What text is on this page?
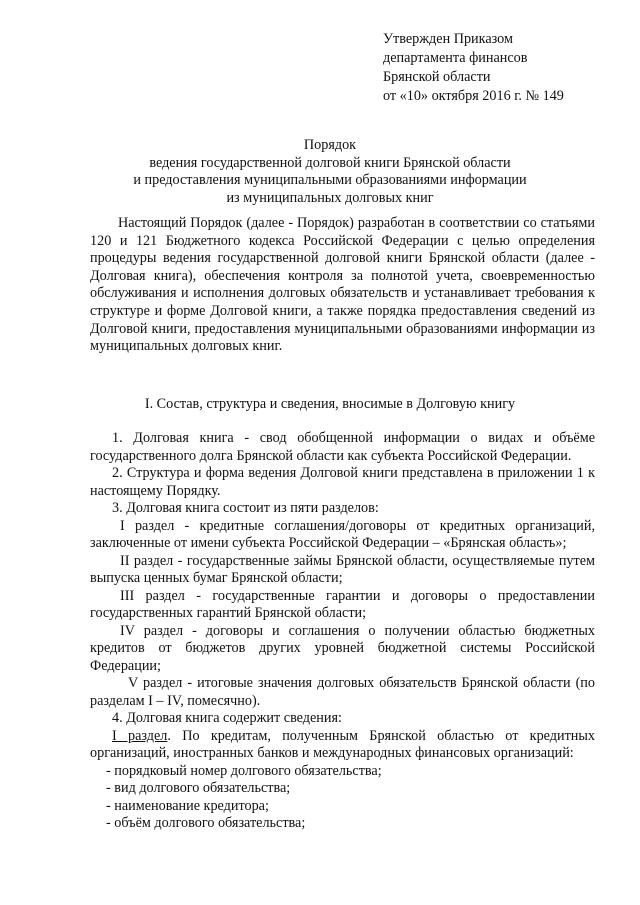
Утвержден Приказом
департамента финансов
Брянской области
от «10» октября 2016 г. № 149
Порядок
ведения государственной долговой книги Брянской области
и предоставления муниципальными образованиями информации
из муниципальных долговых книг

Настоящий Порядок (далее - Порядок) разработан в соответствии со статьями 120 и 121 Бюджетного кодекса Российской Федерации с целью определения процедуры ведения государственной долговой книги Брянской области (далее - Долговая книга), обеспечения контроля за полнотой учета, своевременностью обслуживания и исполнения долговых обязательств и устанавливает требования к структуре и форме Долговой книги, а также порядка предоставления сведений из Долговой книги, предоставления муниципальными образованиями информации из муниципальных долговых книг.

I. Состав, структура и сведения, вносимые в Долговую книгу

1. Долговая книга - свод обобщенной информации о видах и объёме государственного долга Брянской области как субъекта Российской Федерации.

2. Структура и форма ведения Долговой книги представлена в приложении 1 к настоящему Порядку.

3. Долговая книга состоит из пяти разделов:

I раздел - кредитные соглашения/договоры от кредитных организаций, заключенные от имени субъекта Российской Федерации – «Брянская область»;

II раздел - государственные займы Брянской области, осуществляемые путем выпуска ценных бумаг Брянской области;

III раздел - государственные гарантии и договоры о предоставлении государственных гарантий Брянской области;

IV раздел - договоры и соглашения о получении областью бюджетных кредитов от бюджетов других уровней бюджетной системы Российской Федерации;

V раздел - итоговые значения долговых обязательств Брянской области (по разделам I – IV, помесячно).

4. Долговая книга содержит сведения:

I раздел. По кредитам, полученным Брянской областью от кредитных организаций, иностранных банков и международных финансовых организаций:

- порядковый номер долгового обязательства;

- вид долгового обязательства;

- наименование кредитора;

- объём долгового обязательства;
